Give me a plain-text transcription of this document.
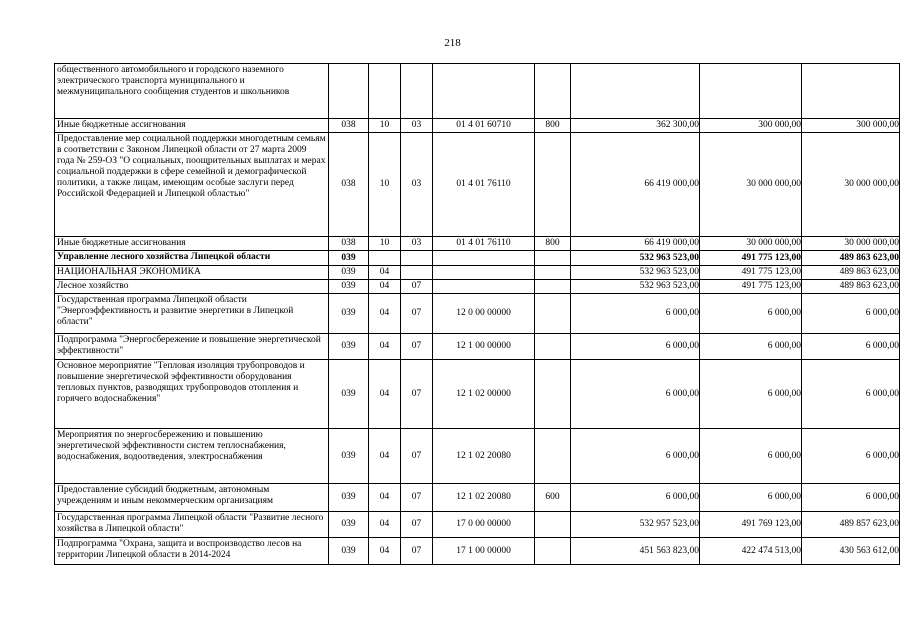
218
общественного автомобильного и городского наземного электрического транспорта муниципального и межмуниципального сообщения студентов и школьников								
Иные бюджетные ассигнования	038	10	03	01 4 01 60710	800	362 300,00	300 000,00	300 000,00
Предоставление мер социальной поддержки многодетным семьям в соответствии с Законом Липецкой области от 27 марта 2009 года № 259-ОЗ "О социальных, поощрительных выплатах и мерах социальной поддержки в сфере семейной и демографической политики, а также лицам, имеющим особые заслуги перед Российской Федерацией и Липецкой областью"	038	10	03	01 4 01 76110		66 419 000,00	30 000 000,00	30 000 000,00
Иные бюджетные ассигнования	038	10	03	01 4 01 76110	800	66 419 000,00	30 000 000,00	30 000 000,00
Управление лесного хозяйства Липецкой области	039					532 963 523,00	491 775 123,00	489 863 623,00
НАЦИОНАЛЬНАЯ ЭКОНОМИКА	039	04				532 963 523,00	491 775 123,00	489 863 623,00
Лесное хозяйство	039	04	07			532 963 523,00	491 775 123,00	489 863 623,00
Государственная программа Липецкой области "Энергоэффективность и развитие энергетики в Липецкой области"	039	04	07	12 0 00 00000		6 000,00	6 000,00	6 000,00
Подпрограмма "Энергосбережение и повышение энергетической эффективности"	039	04	07	12 1 00 00000		6 000,00	6 000,00	6 000,00
Основное мероприятие "Тепловая изоляция трубопроводов и повышение энергетической эффективности оборудования тепловых пунктов, разводящих трубопроводов отопления и горячего водоснабжения"	039	04	07	12 1 02 00000		6 000,00	6 000,00	6 000,00
Мероприятия по энергосбережению и повышению энергетической эффективности систем теплоснабжения, водоснабжения, водоотведения, электроснабжения	039	04	07	12 1 02 20080		6 000,00	6 000,00	6 000,00
Предоставление субсидий бюджетным, автономным учреждениям и иным некоммерческим организациям	039	04	07	12 1 02 20080	600	6 000,00	6 000,00	6 000,00
Государственная программа Липецкой области "Развитие лесного хозяйства в Липецкой области"	039	04	07	17 0 00 00000		532 957 523,00	491 769 123,00	489 857 623,00
Подпрограмма "Охрана, защита и воспроизводство лесов на территории Липецкой области в 2014-2024	039	04	07	17 1 00 00000		451 563 823,00	422 474 513,00	430 563 612,00
